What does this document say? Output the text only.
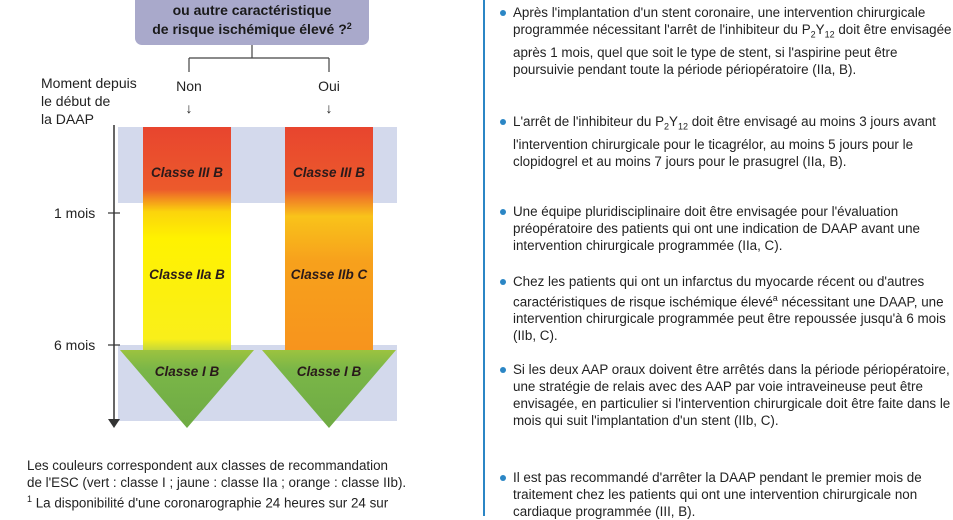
ou autre caractéristique
de risque ischémique élevé ?$^2$
Non
↓
Oui
↓
Moment depuis
le début de
la DAAP
1 mois
6 mois
Classe III B
Classe IIa B
Classe I B
Classe III B
Classe IIb C
Classe I B

Les couleurs correspondent aux classes de recommandation

de l'ESC (vert : classe I ; jaune : classe IIa ; orange : classe IIb).

$^1$ La disponibilité d'une coronarographie 24 heures sur 24 sur

Après l'implantation d'un stent coronaire, une intervention chirurgicale programmée nécessitant l'arrêt de l'inhibiteur du $P_2Y_{12}$ doit être envisagée après 1 mois, quel que soit le type de stent, si l'aspirine peut être poursuivie pendant toute la période périopératoire (IIa, B).

L'arrêt de l'inhibiteur du $P_2Y_{12}$ doit être envisagé au moins 3 jours avant l'intervention chirurgicale pour le ticagrélor, au moins 5 jours pour le clopidogrel et au moins 7 jours pour le prasugrel (IIa, B).

Une équipe pluridisciplinaire doit être envisagée pour l'évaluation préopératoire des patients qui ont une indication de DAAP avant une intervention chirurgicale programmée (IIa, C).

Chez les patients qui ont un infarctus du myocarde récent ou d'autres caractéristiques de risque ischémique élevé$^a$ nécessitant une DAAP, une intervention chirurgicale programmée peut être repoussée jusqu'à 6 mois (IIb, C).

Si les deux AAP oraux doivent être arrêtés dans la période périopératoire, une stratégie de relais avec des AAP par voie intraveineuse peut être envisagée, en particulier si l'intervention chirurgicale doit être faite dans le mois qui suit l'implantation d'un stent (IIb, C).

Il est pas recommandé d'arrêter la DAAP pendant le premier mois de traitement chez les patients qui ont une intervention chirurgicale non cardiaque programmée (III, B).
